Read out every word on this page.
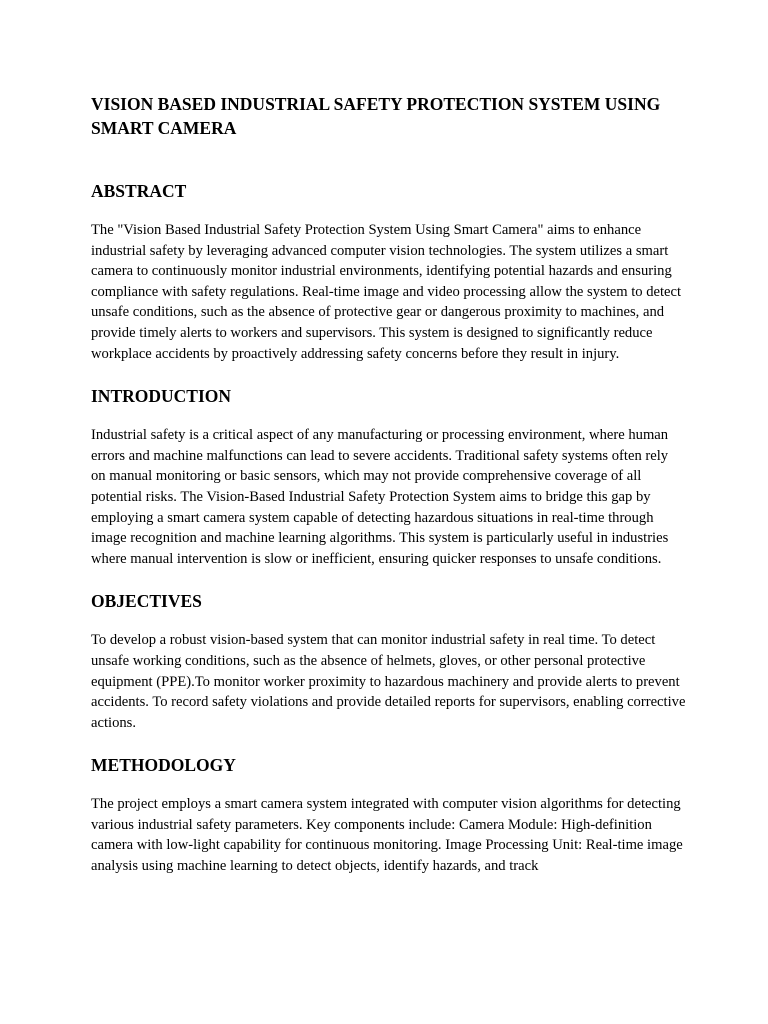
VISION BASED INDUSTRIAL SAFETY PROTECTION SYSTEM USING SMART CAMERA
ABSTRACT

The "Vision Based Industrial Safety Protection System Using Smart Camera" aims to enhance industrial safety by leveraging advanced computer vision technologies. The system utilizes a smart camera to continuously monitor industrial environments, identifying potential hazards and ensuring compliance with safety regulations. Real-time image and video processing allow the system to detect unsafe conditions, such as the absence of protective gear or dangerous proximity to machines, and provide timely alerts to workers and supervisors. This system is designed to significantly reduce workplace accidents by proactively addressing safety concerns before they result in injury.

INTRODUCTION

Industrial safety is a critical aspect of any manufacturing or processing environment, where human errors and machine malfunctions can lead to severe accidents. Traditional safety systems often rely on manual monitoring or basic sensors, which may not provide comprehensive coverage of all potential risks. The Vision-Based Industrial Safety Protection System aims to bridge this gap by employing a smart camera system capable of detecting hazardous situations in real-time through image recognition and machine learning algorithms. This system is particularly useful in industries where manual intervention is slow or inefficient, ensuring quicker responses to unsafe conditions.

OBJECTIVES

To develop a robust vision-based system that can monitor industrial safety in real time. To detect unsafe working conditions, such as the absence of helmets, gloves, or other personal protective equipment (PPE).To monitor worker proximity to hazardous machinery and provide alerts to prevent accidents. To record safety violations and provide detailed reports for supervisors, enabling corrective actions.

METHODOLOGY

The project employs a smart camera system integrated with computer vision algorithms for detecting various industrial safety parameters. Key components include: Camera Module: High-definition camera with low-light capability for continuous monitoring. Image Processing Unit: Real-time image analysis using machine learning to detect objects, identify hazards, and track
